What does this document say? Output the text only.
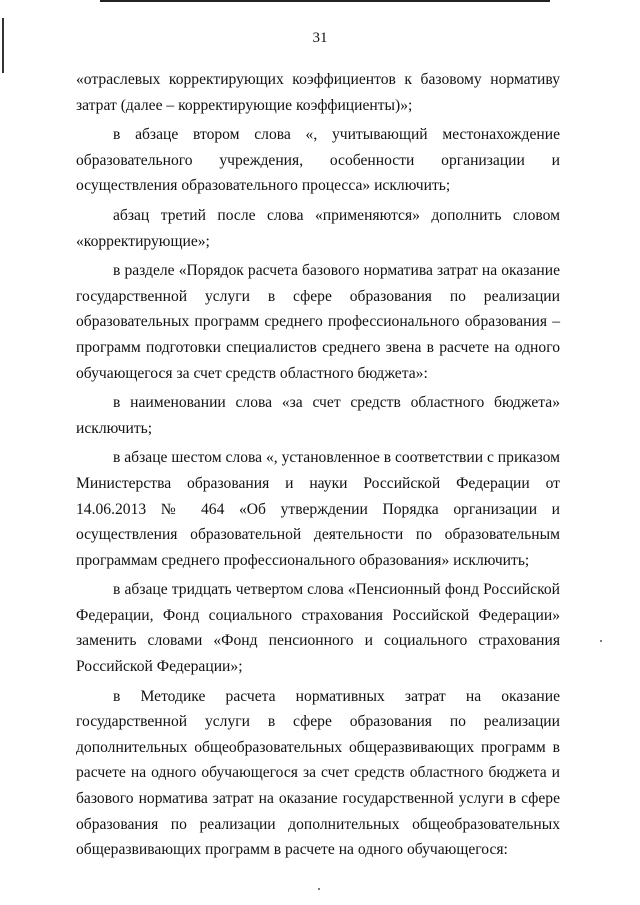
31

«отраслевых корректирующих коэффициентов к базовому нормативу затрат (далее – корректирующие коэффициенты)»;

в абзаце втором слова «, учитывающий местонахождение образовательного учреждения, особенности организации и осуществления образовательного процесса» исключить;

абзац третий после слова «применяются» дополнить словом «корректирующие»;

в разделе «Порядок расчета базового норматива затрат на оказание государственной услуги в сфере образования по реализации образовательных программ среднего профессионального образования – программ подготовки специалистов среднего звена в расчете на одного обучающегося за счет средств областного бюджета»:

в наименовании слова «за счет средств областного бюджета» исключить;

в абзаце шестом слова «, установленное в соответствии с приказом Министерства образования и науки Российской Федерации от 14.06.2013 № 464 «Об утверждении Порядка организации и осуществления образовательной деятельности по образовательным программам среднего профессионального образования» исключить;

в абзаце тридцать четвертом слова «Пенсионный фонд Российской Федерации, Фонд социального страхования Российской Федерации» заменить словами «Фонд пенсионного и социального страхования Российской Федерации»;

в Методике расчета нормативных затрат на оказание государственной услуги в сфере образования по реализации дополнительных общеобразовательных общеразвивающих программ в расчете на одного обучающегося за счет средств областного бюджета и базового норматива затрат на оказание государственной услуги в сфере образования по реализации дополнительных общеобразовательных общеразвивающих программ в расчете на одного обучающегося:
